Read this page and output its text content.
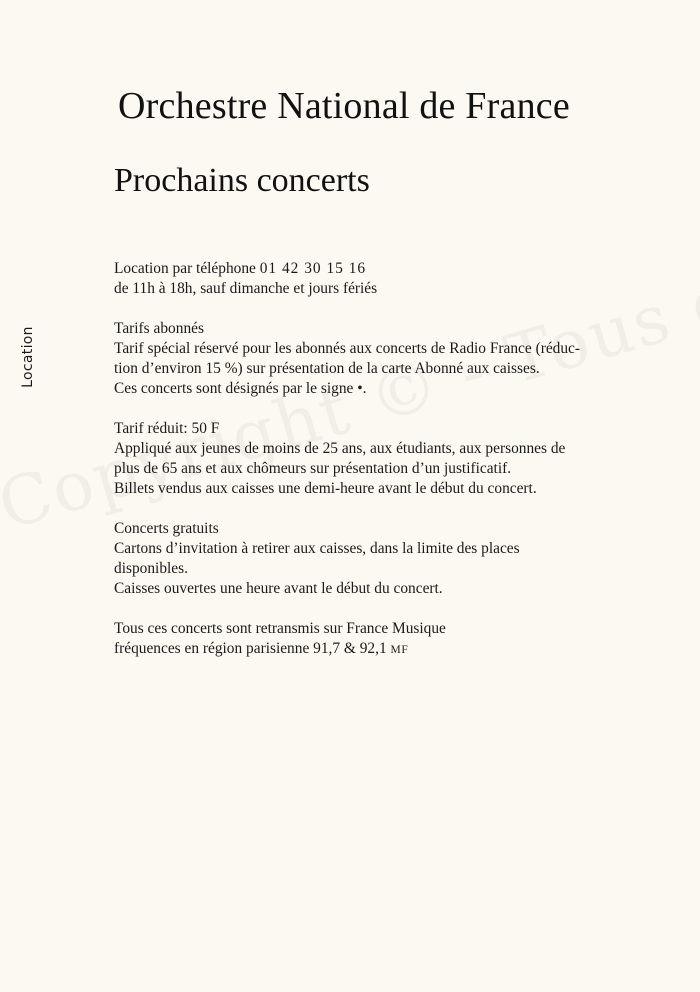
Location
Orchestre National de France
Prochains concerts
Location par téléphone 01 42 30 15 16
de 11h à 18h, sauf dimanche et jours fériés
Tarifs abonnés
Tarif spécial réservé pour les abonnés aux concerts de Radio France (réduc-
tion d’environ 15 %) sur présentation de la carte Abonné aux caisses.
Ces concerts sont désignés par le signe •.
Tarif réduit: 50 F
Appliqué aux jeunes de moins de 25 ans, aux étudiants, aux personnes de
plus de 65 ans et aux chômeurs sur présentation d’un justificatif.
Billets vendus aux caisses une demi-heure avant le début du concert.
Concerts gratuits
Cartons d’invitation à retirer aux caisses, dans la limite des places
disponibles.
Caisses ouvertes une heure avant le début du concert.
Tous ces concerts sont retransmis sur France Musique
fréquences en région parisienne 91,7 & 92,1 MF
